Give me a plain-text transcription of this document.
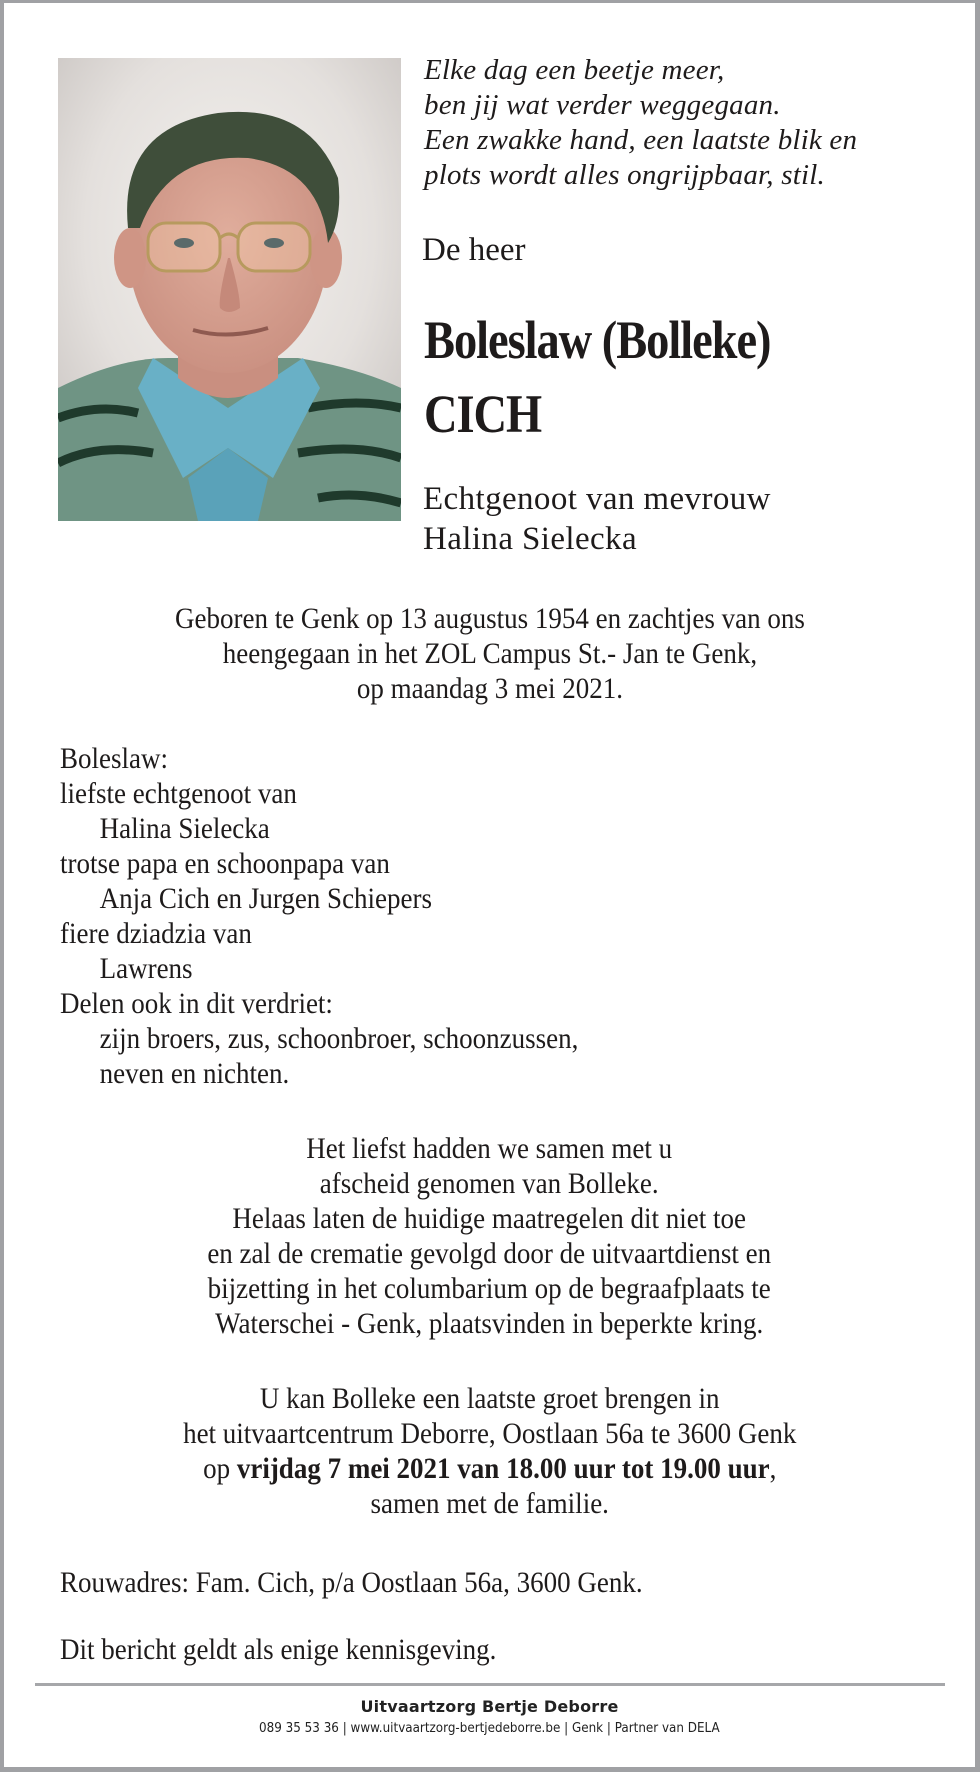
Elke dag een beetje meer,
ben jij wat verder weggegaan.
Een zwakke hand, een laatste blik en
plots wordt alles ongrijpbaar, stil.
De heer
Boleslaw (Bolleke)
CICH
Echtgenoot van mevrouw
Halina Sielecka
Geboren te Genk op 13 augustus 1954 en zachtjes van ons
heengegaan in het ZOL Campus St.- Jan te Genk,
op maandag 3 mei 2021.
Boleslaw:
liefste echtgenoot van
Halina Sielecka
trotse papa en schoonpapa van
Anja Cich en Jurgen Schiepers
fiere dziadzia van
Lawrens
Delen ook in dit verdriet:
zijn broers, zus, schoonbroer, schoonzussen,
neven en nichten.
Het liefst hadden we samen met u
afscheid genomen van Bolleke.
Helaas laten de huidige maatregelen dit niet toe
en zal de crematie gevolgd door de uitvaartdienst en
bijzetting in het columbarium op de begraafplaats te
Waterschei - Genk, plaatsvinden in beperkte kring.
U kan Bolleke een laatste groet brengen in
het uitvaartcentrum Deborre, Oostlaan 56a te 3600 Genk
op vrijdag 7 mei 2021 van 18.00 uur tot 19.00 uur,
samen met de familie.
Rouwadres: Fam. Cich, p/a Oostlaan 56a, 3600 Genk.
Dit bericht geldt als enige kennisgeving.
Uitvaartzorg Bertje Deborre
089 35 53 36 | www.uitvaartzorg-bertjedeborre.be | Genk | Partner van DELA
